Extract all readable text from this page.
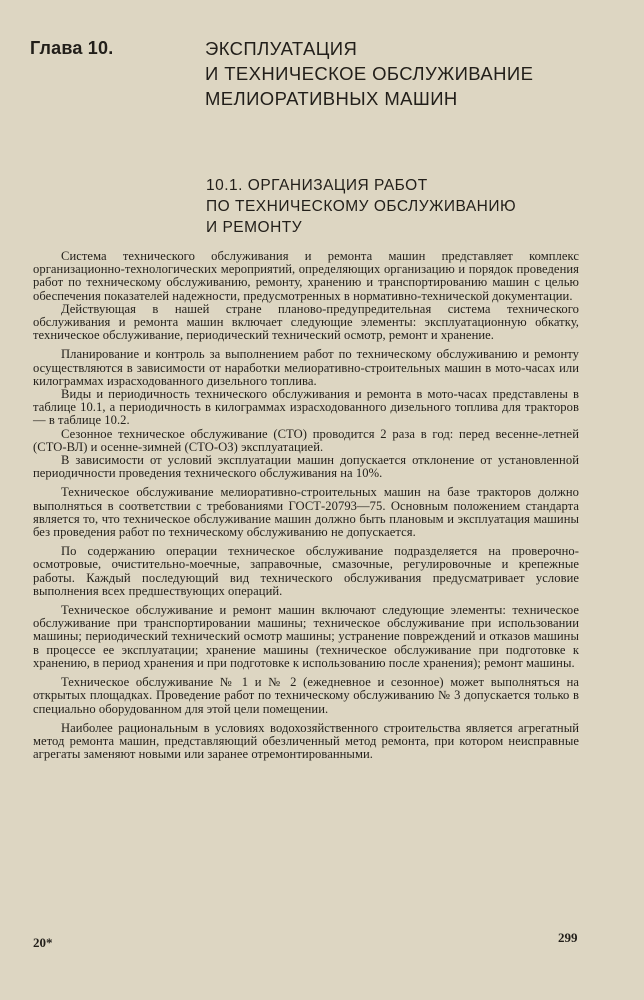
Глава 10.	ЭКСПЛУАТАЦИЯ
И ТЕХНИЧЕСКОЕ ОБСЛУЖИВАНИЕ
МЕЛИОРАТИВНЫХ МАШИН
10.1. ОРГАНИЗАЦИЯ РАБОТ
ПО ТЕХНИЧЕСКОМУ ОБСЛУЖИВАНИЮ
И РЕМОНТУ

Система технического обслуживания и ремонта машин представляет комплекс организационно-технологических мероприятий, определяющих организацию и порядок проведения работ по техническому обслуживанию, ремонту, хранению и транспортированию машин с целью обеспечения показателей надежности, предусмотренных в нормативно-технической документации.

Действующая в нашей стране планово-предупредительная система технического обслуживания и ремонта машин включает следующие элементы: эксплуатационную обкатку, техническое обслуживание, периодический технический осмотр, ремонт и хранение.

Планирование и контроль за выполнением работ по техническому обслуживанию и ремонту осуществляются в зависимости от наработки мелиоративно-строительных машин в мото-часах или килограммах израсходованного дизельного топлива.

Виды и периодичность технического обслуживания и ремонта в мото-часах представлены в таблице 10.1, а периодичность в килограммах израсходованного дизельного топлива для тракторов — в таблице 10.2.

Сезонное техническое обслуживание (СТО) проводится 2 раза в год: перед весенне-летней (СТО-ВЛ) и осенне-зимней (СТО-ОЗ) эксплуатацией.

В зависимости от условий эксплуатации машин допускается отклонение от установленной периодичности проведения технического обслуживания на 10%.

Техническое обслуживание мелиоративно-строительных машин на базе тракторов должно выполняться в соответствии с требованиями ГОСТ-20793—75. Основным положением стандарта является то, что техническое обслуживание машин должно быть плановым и эксплуатация машины без проведения работ по техническому обслуживанию не допускается.

По содержанию операции техническое обслуживание подразделяется на проверочно-осмотровые, очистительно-моечные, заправочные, смазочные, регулировочные и крепежные работы. Каждый последующий вид технического обслуживания предусматривает условие выполнения всех предшествующих операций.

Техническое обслуживание и ремонт машин включают следующие элементы: техническое обслуживание при транспортировании машины; техническое обслуживание при использовании машины; периодический технический осмотр машины; устранение повреждений и отказов машины в процессе ее эксплуатации; хранение машины (техническое обслуживание при подготовке к хранению, в период хранения и при подготовке к использованию после хранения); ремонт машины.

Техническое обслуживание № 1 и № 2 (ежедневное и сезонное) может выполняться на открытых площадках. Проведение работ по техническому обслуживанию № 3 допускается только в специально оборудованном для этой цели помещении.

Наиболее рациональным в условиях водохозяйственного строительства является агрегатный метод ремонта машин, представляющий обезличенный метод ремонта, при котором неисправные агрегаты заменяют новыми или заранее отремонтированными.

20*	299
